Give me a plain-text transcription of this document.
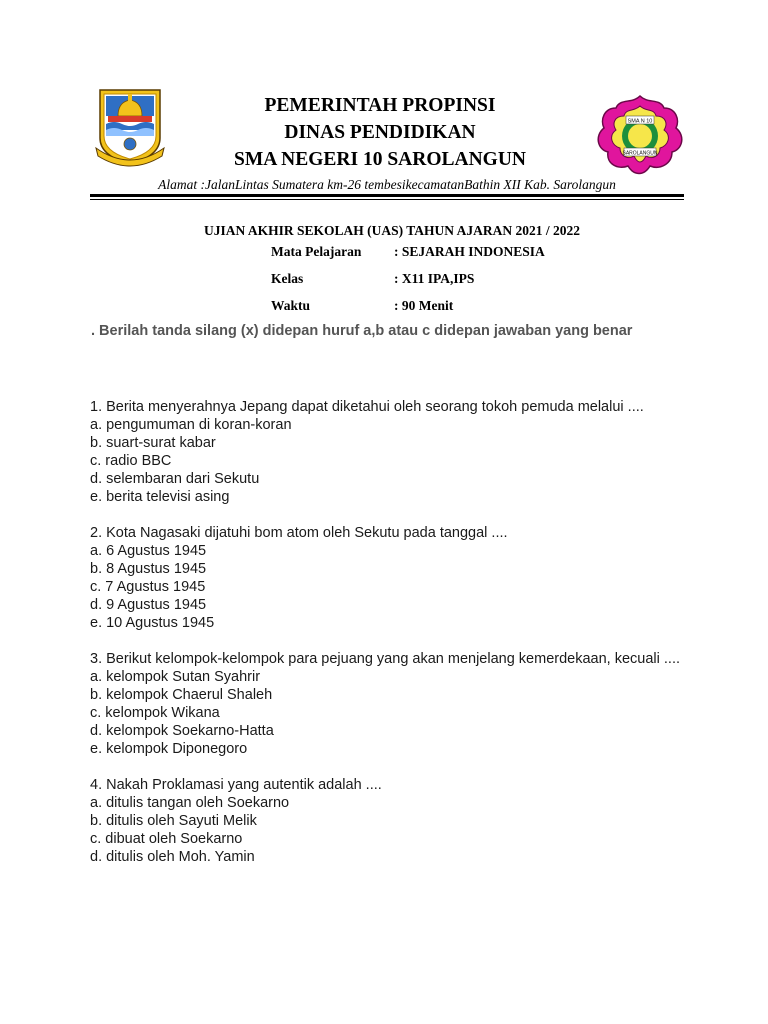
SMA N 10
SAROLANGUN
PEMERINTAH PROPINSI
DINAS PENDIDIKAN
SMA NEGERI 10 SAROLANGUN
Alamat :JalanLintas Sumatera km-26 tembesikecamatanBathin XII Kab. Sarolangun
UJIAN AKHIR SEKOLAH (UAS) TAHUN AJARAN 2021 / 2022
Mata Pelajaran : SEJARAH INDONESIA
Kelas	: X11 IPA,IPS
Waktu	: 90 Menit
. Berilah tanda silang (x) didepan huruf a,b atau c didepan jawaban yang benar
1. Berita menyerahnya Jepang dapat diketahui oleh seorang tokoh pemuda melalui ....
a. pengumuman di koran-koran
b. suart-surat kabar
c. radio BBC
d. selembaran dari Sekutu
e. berita televisi asing
2. Kota Nagasaki dijatuhi bom atom oleh Sekutu pada tanggal ....
a. 6 Agustus 1945
b. 8 Agustus 1945
c. 7 Agustus 1945
d. 9 Agustus 1945
e. 10 Agustus 1945
3. Berikut kelompok-kelompok para pejuang yang akan menjelang kemerdekaan, kecuali ....
a. kelompok Sutan Syahrir
b. kelompok Chaerul Shaleh
c. kelompok Wikana
d. kelompok Soekarno-Hatta
e. kelompok Diponegoro
4. Nakah Proklamasi yang autentik adalah ....
a. ditulis tangan oleh Soekarno
b. ditulis oleh Sayuti Melik
c. dibuat oleh Soekarno
d. ditulis oleh Moh. Yamin
